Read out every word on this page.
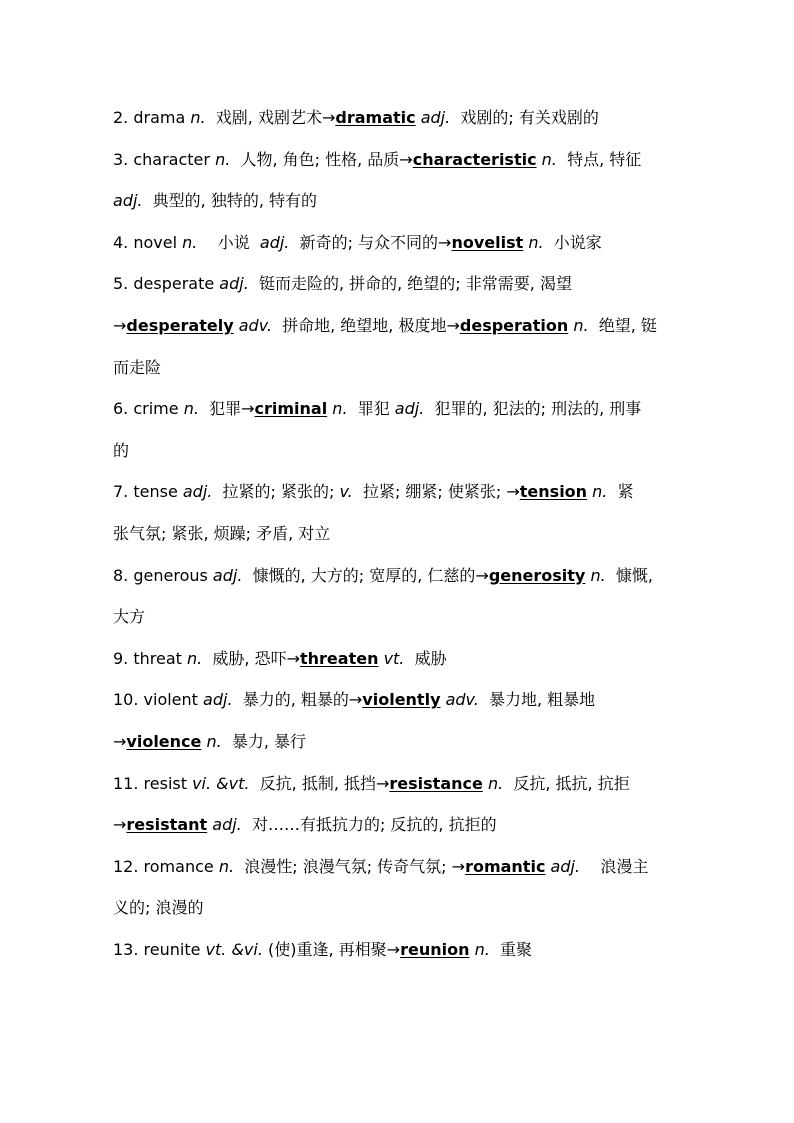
2. drama n.  戏剧, 戏剧艺术→dramatic adj.  戏剧的; 有关戏剧的
3. character n.  人物, 角色; 性格, 品质→characteristic n.  特点, 特征
adj.  典型的, 独特的, 特有的
4. novel n.    小说  adj.  新奇的; 与众不同的→novelist n.  小说家
5. desperate adj.  铤而走险的, 拼命的, 绝望的; 非常需要, 渴望
→desperately adv.  拼命地, 绝望地, 极度地→desperation n.  绝望, 铤
而走险
6. crime n.  犯罪→criminal n.  罪犯 adj.  犯罪的, 犯法的; 刑法的, 刑事
的
7. tense adj.  拉紧的; 紧张的; v.  拉紧; 绷紧; 使紧张; →tension n.  紧
张气氛; 紧张, 烦躁; 矛盾, 对立
8. generous adj.  慷慨的, 大方的; 宽厚的, 仁慈的→generosity n.  慷慨,
大方
9. threat n.  威胁, 恐吓→threaten vt.  威胁
10. violent adj.  暴力的, 粗暴的→violently adv.  暴力地, 粗暴地
→violence n.  暴力, 暴行
11. resist vi. &vt.  反抗, 抵制, 抵挡→resistance n.  反抗, 抵抗, 抗拒
→resistant adj.  对……有抵抗力的; 反抗的, 抗拒的
12. romance n.  浪漫性; 浪漫气氛; 传奇气氛; →romantic adj.    浪漫主
义的; 浪漫的
13. reunite vt. &vi. (使)重逢, 再相聚→reunion n.  重聚
